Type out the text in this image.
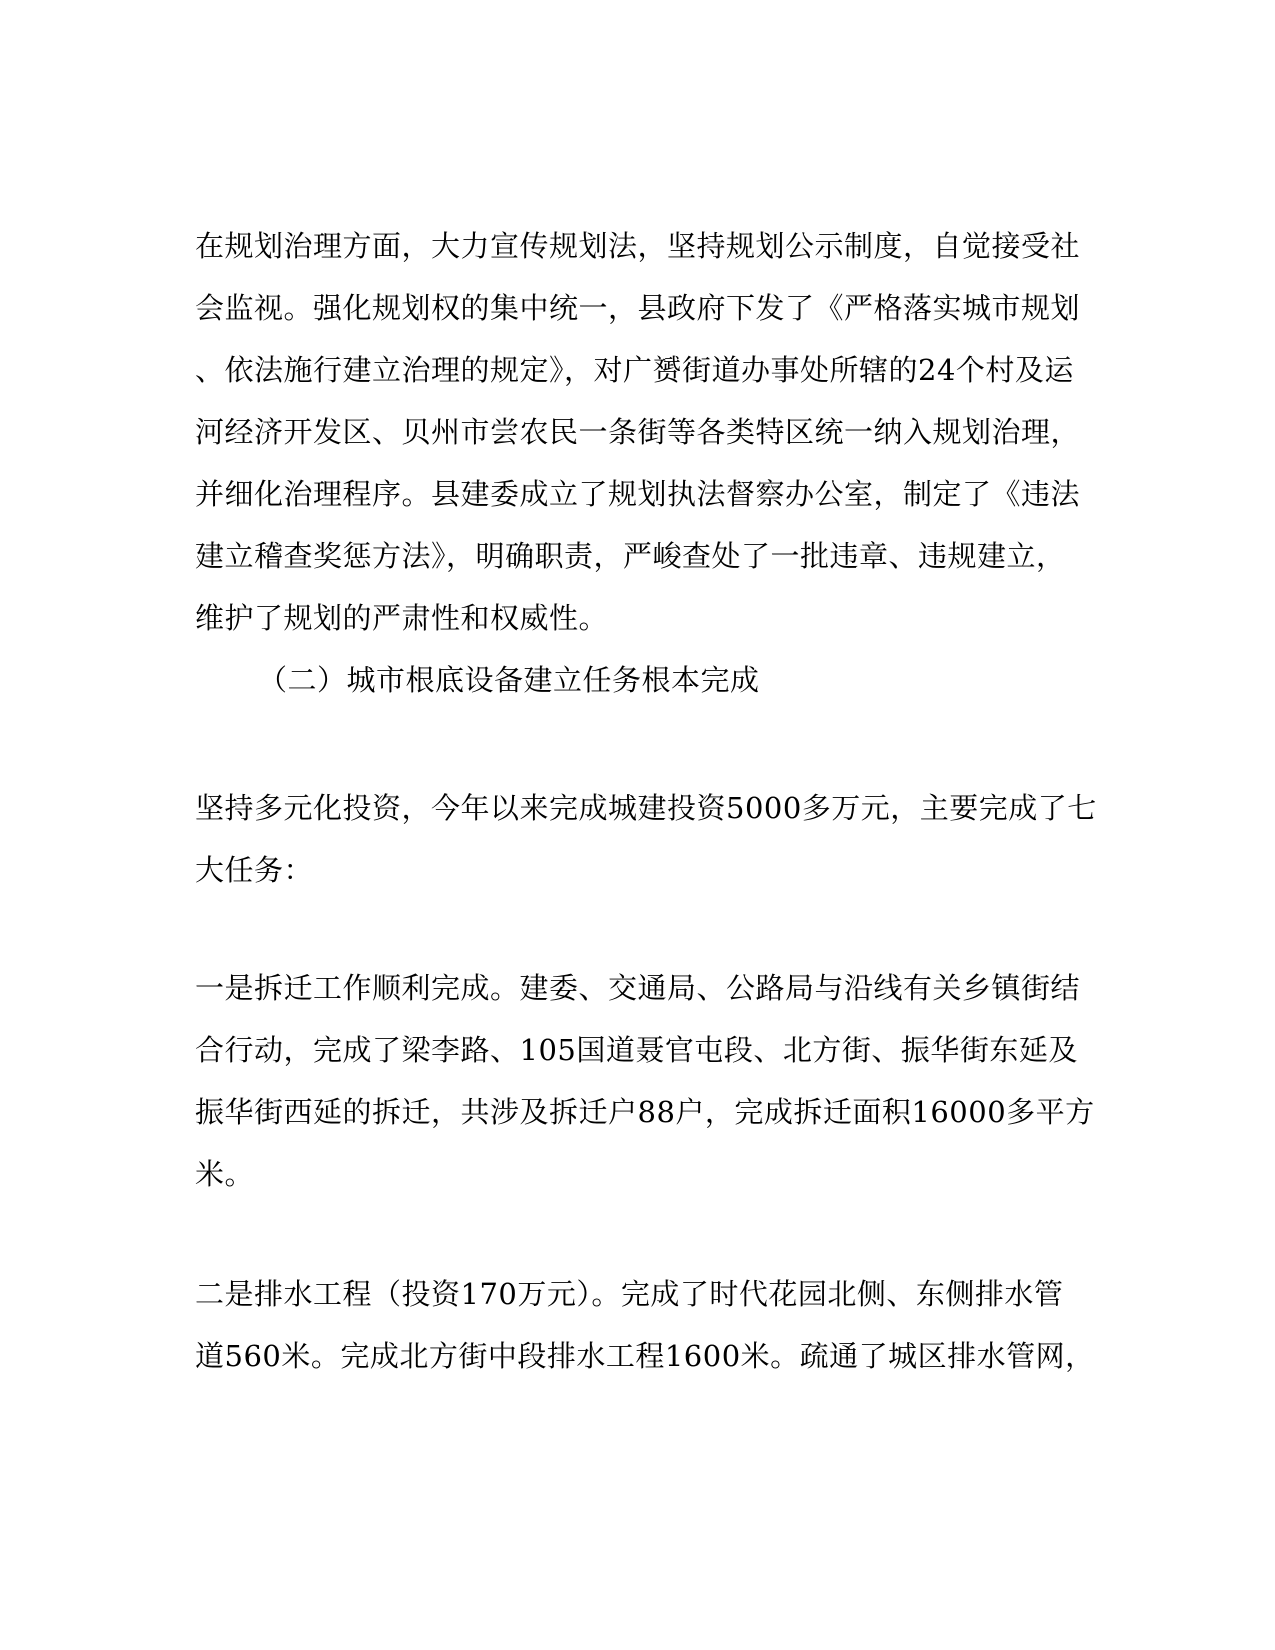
在规划治理方面，大力宣传规划法，坚持规划公示制度，自觉接受社
会监视。强化规划权的集中统一，县政府下发了《严格落实城市规划
、依法施行建立治理的规定》，对广赟街道办事处所辖的24个村及运
河经济开发区、贝州市尝农民一条街等各类特区统一纳入规划治理，
并细化治理程序。县建委成立了规划执法督察办公室，制定了《违法
建立稽查奖惩方法》，明确职责，严峻查处了一批违章、违规建立，
维护了规划的严肃性和权威性。
（二）城市根底设备建立任务根本完成
坚持多元化投资，今年以来完成城建投资5000多万元，主要完成了七
大任务：
一是拆迁工作顺利完成。建委、交通局、公路局与沿线有关乡镇街结
合行动，完成了梁李路、105国道聂官屯段、北方街、振华街东延及
振华街西延的拆迁，共涉及拆迁户88户，完成拆迁面积16000多平方
米。
二是排水工程（投资170万元）。完成了时代花园北侧、东侧排水管
道560米。完成北方街中段排水工程1600米。疏通了城区排水管网，
